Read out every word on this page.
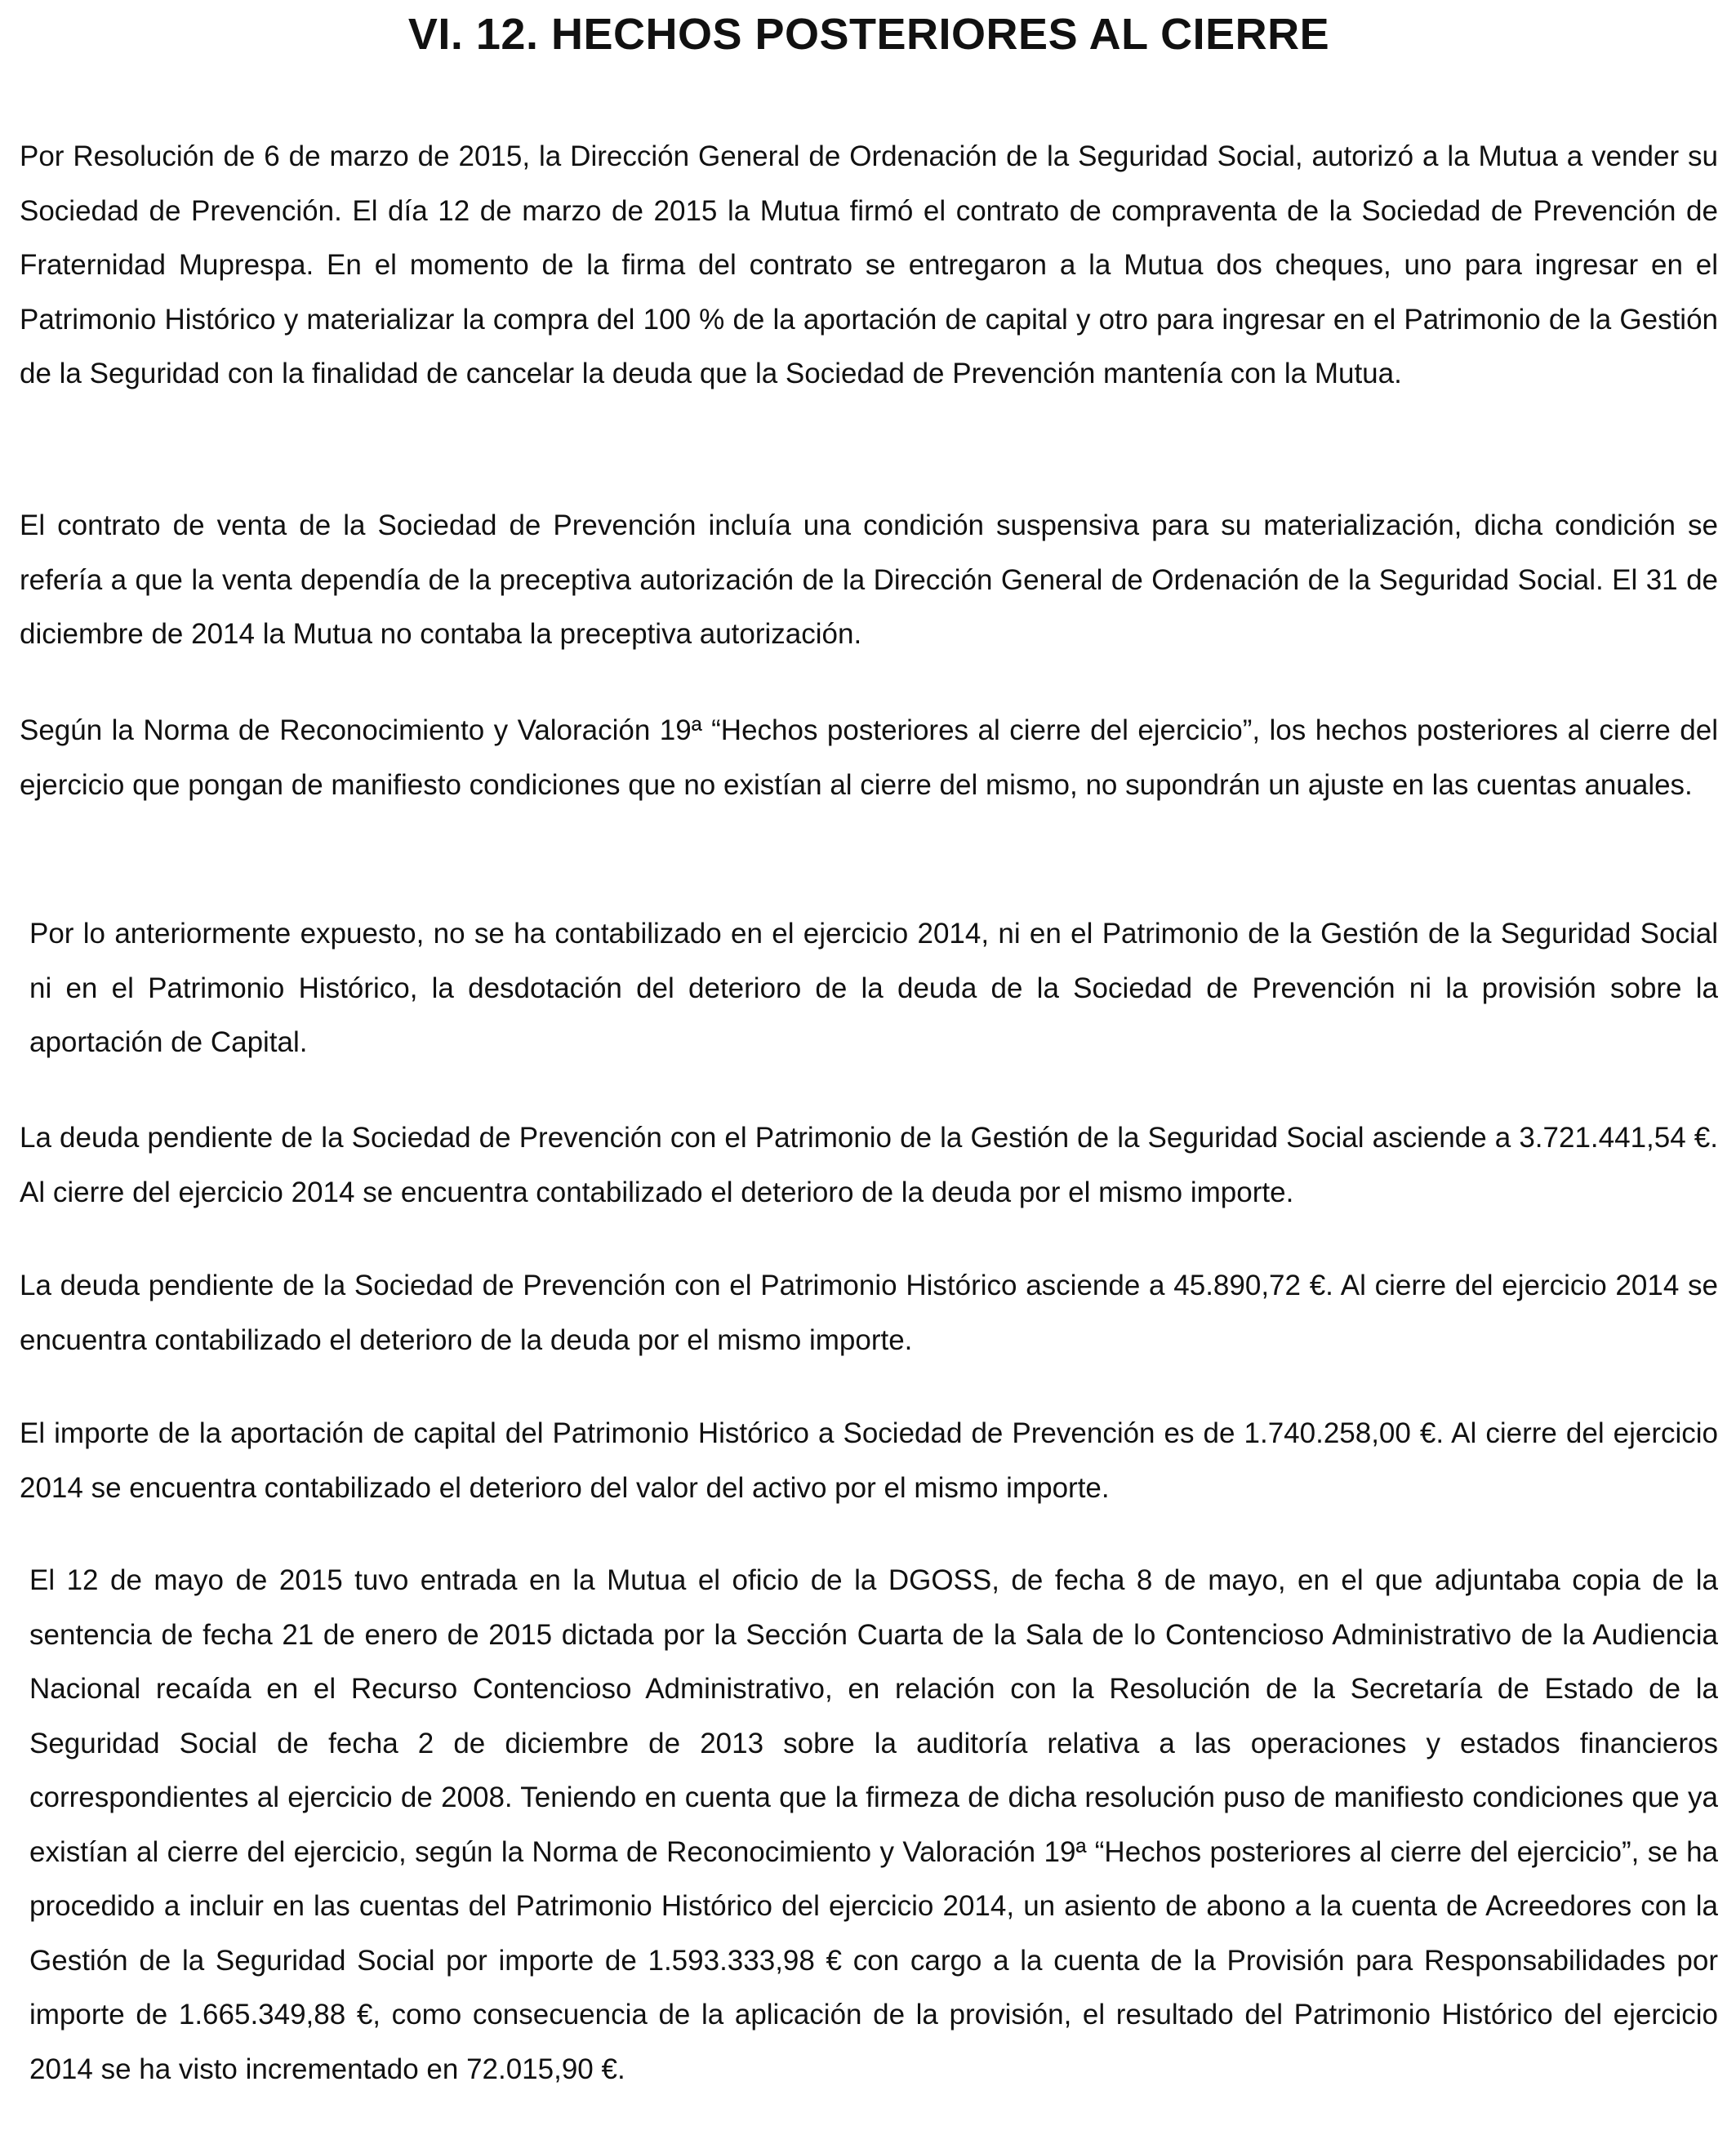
VI. 12. HECHOS POSTERIORES AL CIERRE

Por Resolución de 6 de marzo de 2015, la Dirección General de Ordenación de la Seguridad Social, autorizó a la Mutua a vender su Sociedad de Prevención. El día 12 de marzo de 2015 la Mutua firmó el contrato de compraventa de la Sociedad de Prevención de Fraternidad Muprespa. En el momento de la firma del contrato se entregaron a la Mutua dos cheques, uno para ingresar en el Patrimonio Histórico y materializar la compra del 100 % de la aportación de capital y otro para ingresar en el Patrimonio de la Gestión de la Seguridad con la finalidad de cancelar la deuda que la Sociedad de Prevención mantenía con la Mutua.

El contrato de venta de la Sociedad de Prevención incluía una condición suspensiva para su materialización, dicha condición se refería a que la venta dependía de la preceptiva autorización de la Dirección General de Ordenación de la Seguridad Social. El 31 de diciembre de 2014 la Mutua no contaba la preceptiva autorización.

Según la Norma de Reconocimiento y Valoración 19ª “Hechos posteriores al cierre del ejercicio”, los hechos posteriores al cierre del ejercicio que pongan de manifiesto condiciones que no existían al cierre del mismo, no supondrán un ajuste en las cuentas anuales.

Por lo anteriormente expuesto, no se ha contabilizado en el ejercicio 2014, ni en el Patrimonio de la Gestión de la Seguridad Social ni en el Patrimonio Histórico, la desdotación del deterioro de la deuda de la Sociedad de Prevención ni la provisión sobre la aportación de Capital.

La deuda pendiente de la Sociedad de Prevención con el Patrimonio de la Gestión de la Seguridad Social asciende a 3.721.441,54 €. Al cierre del ejercicio 2014 se encuentra contabilizado el deterioro de la deuda por el mismo importe.

La deuda pendiente de la Sociedad de Prevención con el Patrimonio Histórico asciende a 45.890,72 €. Al cierre del ejercicio 2014 se encuentra contabilizado el deterioro de la deuda por el mismo importe.

El importe de la aportación de capital del Patrimonio Histórico a Sociedad de Prevención es de 1.740.258,00 €. Al cierre del ejercicio 2014 se encuentra contabilizado el deterioro del valor del activo por el mismo importe.

El 12 de mayo de 2015 tuvo entrada en la Mutua el oficio de la DGOSS, de fecha 8 de mayo, en el que adjuntaba copia de la sentencia de fecha 21 de enero de 2015 dictada por la Sección Cuarta de la Sala de lo Contencioso Administrativo de la Audiencia Nacional recaída en el Recurso Contencioso Administrativo, en relación con la Resolución de la Secretaría de Estado de la Seguridad Social de fecha 2 de diciembre de 2013 sobre la auditoría relativa a las operaciones y estados financieros correspondientes al ejercicio de 2008. Teniendo en cuenta que la firmeza de dicha resolución puso de manifiesto condiciones que ya existían al cierre del ejercicio, según la Norma de Reconocimiento y Valoración 19ª “Hechos posteriores al cierre del ejercicio”, se ha procedido a incluir en las cuentas del Patrimonio Histórico del ejercicio 2014, un asiento de abono a la cuenta de Acreedores con la Gestión de la Seguridad Social por importe de 1.593.333,98 € con cargo a la cuenta de la Provisión para Responsabilidades por importe de 1.665.349,88 €, como consecuencia de la aplicación de la provisión, el resultado del Patrimonio Histórico del ejercicio 2014 se ha visto incrementado en 72.015,90 €.
